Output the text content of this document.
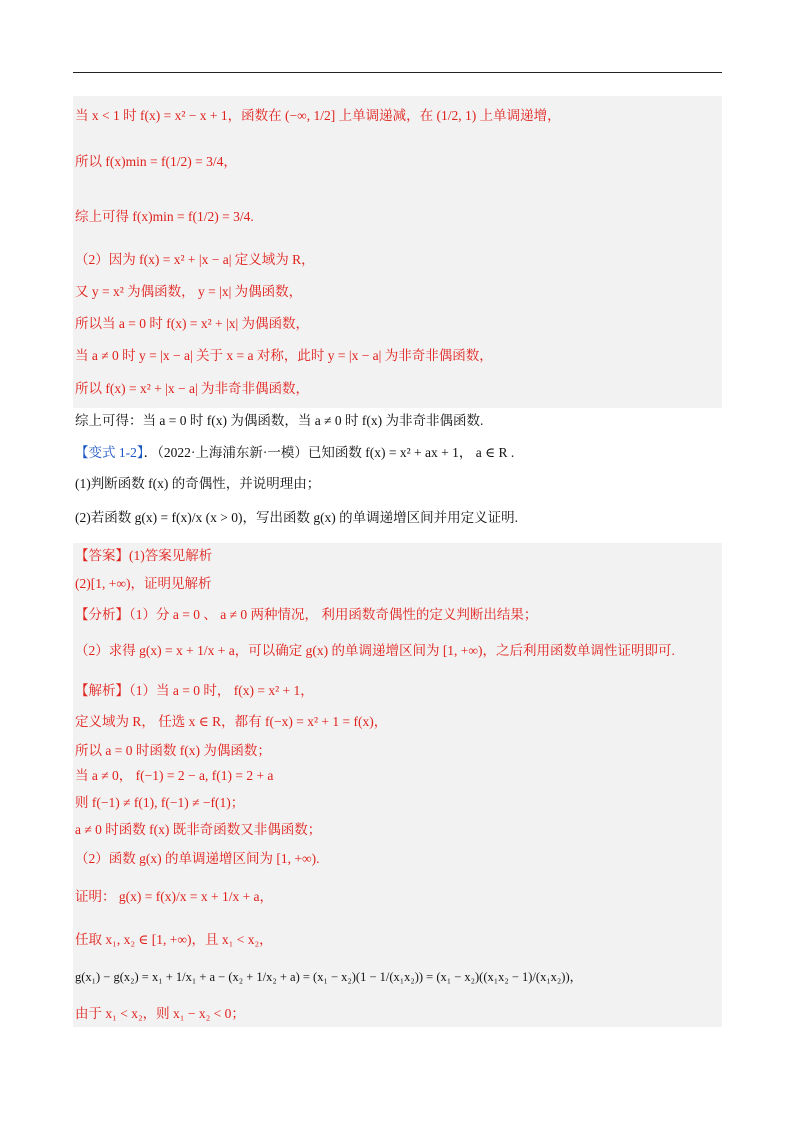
当 x < 1 时 f(x) = x² − x + 1，函数在 (−∞, 1/2] 上单调递减，在 (1/2, 1) 上单调递增，
所以 f(x)min = f(1/2) = 3/4，
综上可得 f(x)min = f(1/2) = 3/4.
（2）因为 f(x) = x² + |x − a| 定义域为 R，
又 y = x² 为偶函数， y = |x| 为偶函数，
所以当 a = 0 时 f(x) = x² + |x| 为偶函数，
当 a ≠ 0 时 y = |x − a| 关于 x = a 对称，此时 y = |x − a| 为非奇非偶函数，
所以 f(x) = x² + |x − a| 为非奇非偶函数，
综上可得：当 a = 0 时 f(x) 为偶函数，当 a ≠ 0 时 f(x) 为非奇非偶函数.
【变式 1-2】．（2022·上海浦东新·一模）已知函数 f(x) = x² + ax + 1， a ∈ R .
(1)判断函数 f(x) 的奇偶性，并说明理由；
(2)若函数 g(x) = f(x)/x (x > 0)，写出函数 g(x) 的单调递增区间并用定义证明.
【答案】(1)答案见解析
(2)[1, +∞)，证明见解析
【分析】（1）分 a = 0 、 a ≠ 0 两种情况， 利用函数奇偶性的定义判断出结果；
（2）求得 g(x) = x + 1/x + a，可以确定 g(x) 的单调递增区间为 [1, +∞)，之后利用函数单调性证明即可.
【解析】（1）当 a = 0 时， f(x) = x² + 1，
定义域为 R， 任选 x ∈ R，都有 f(−x) = x² + 1 = f(x)，
所以 a = 0 时函数 f(x) 为偶函数；
当 a ≠ 0， f(−1) = 2 − a, f(1) = 2 + a
则 f(−1) ≠ f(1), f(−1) ≠ −f(1)；
a ≠ 0 时函数 f(x) 既非奇函数又非偶函数；
（2）函数 g(x) 的单调递增区间为 [1, +∞).
证明： g(x) = f(x)/x = x + 1/x + a，
任取 x₁, x₂ ∈ [1, +∞)，且 x₁ < x₂，
g(x₁) − g(x₂) = x₁ + 1/x₁ + a − (x₂ + 1/x₂ + a) = (x₁ − x₂)(1 − 1/(x₁x₂)) = (x₁ − x₂)((x₁x₂ − 1)/(x₁x₂))，
由于 x₁ < x₂，则 x₁ − x₂ < 0；
